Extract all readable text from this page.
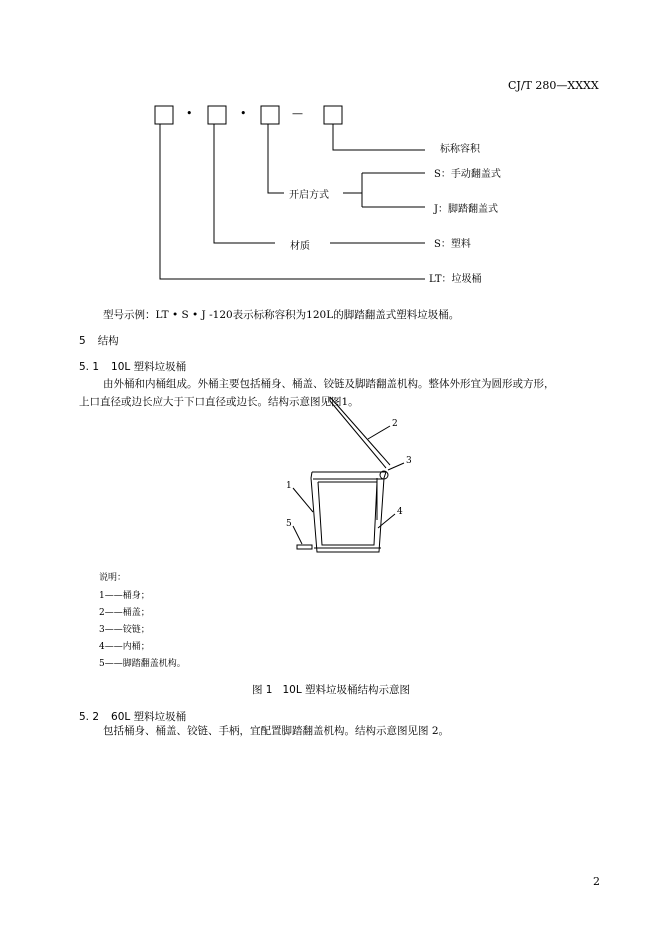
CJ/T 280—XXXX
•	•	—
标称容积
S：手动翻盖式
开启方式
J：脚踏翻盖式
材质	S：塑料
LT：垃圾桶
型号示例：LT • S • J -120表示标称容积为120L的脚踏翻盖式塑料垃圾桶。
5 结构
5. 1 10L 塑料垃圾桶
由外桶和内桶组成。外桶主要包括桶身、桶盖、铰链及脚踏翻盖机构。整体外形宜为圆形或方形，
上口直径或边长应大于下口直径或边长。结构示意图见图1。
2
3
1
4
5
说明：
1——桶身；
2——桶盖；
3——铰链；
4——内桶；
5——脚踏翻盖机构。
图 1   10L 塑料垃圾桶结构示意图
5. 2 60L 塑料垃圾桶
包括桶身、桶盖、铰链、手柄，宜配置脚踏翻盖机构。结构示意图见图 2。
2
